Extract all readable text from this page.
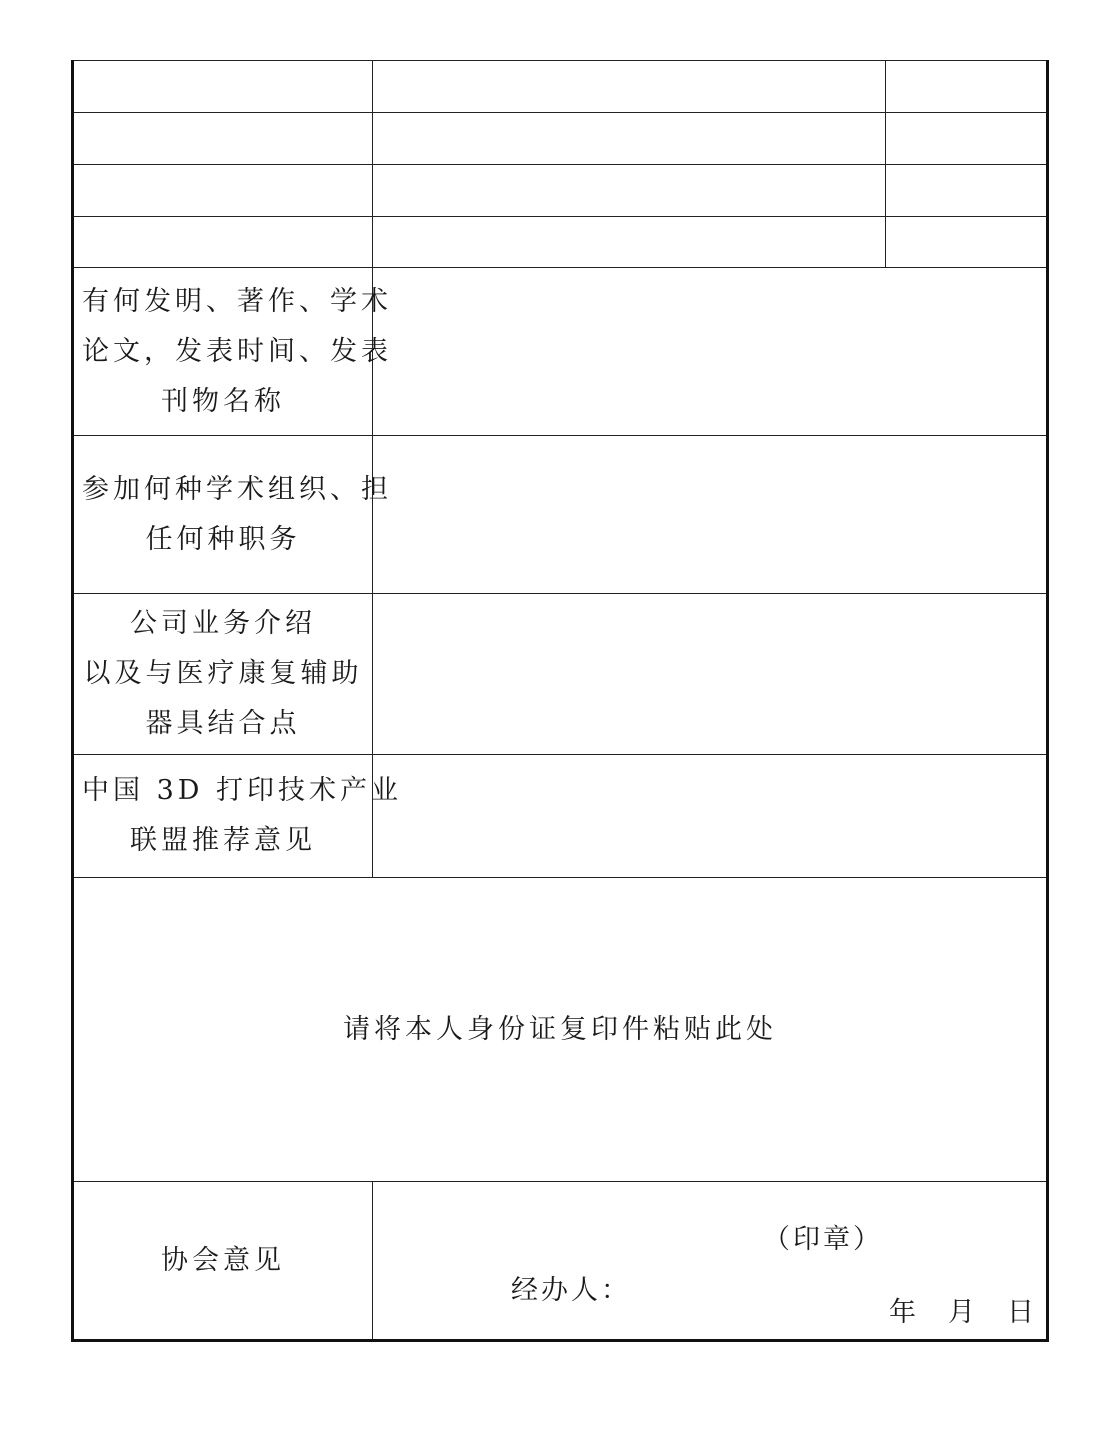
有何发明、著作、学术
论文，发表时间、发表
刊物名称		

参加何种学术组织、担
任何种职务		

公司业务介绍
以及与医疗康复辅助
器具结合点		

中国 3D 打印技术产业
联盟推荐意见		

请将本人身份证复印件粘贴此处		
协会意见	（印章）
经办人：
年 月 日	
